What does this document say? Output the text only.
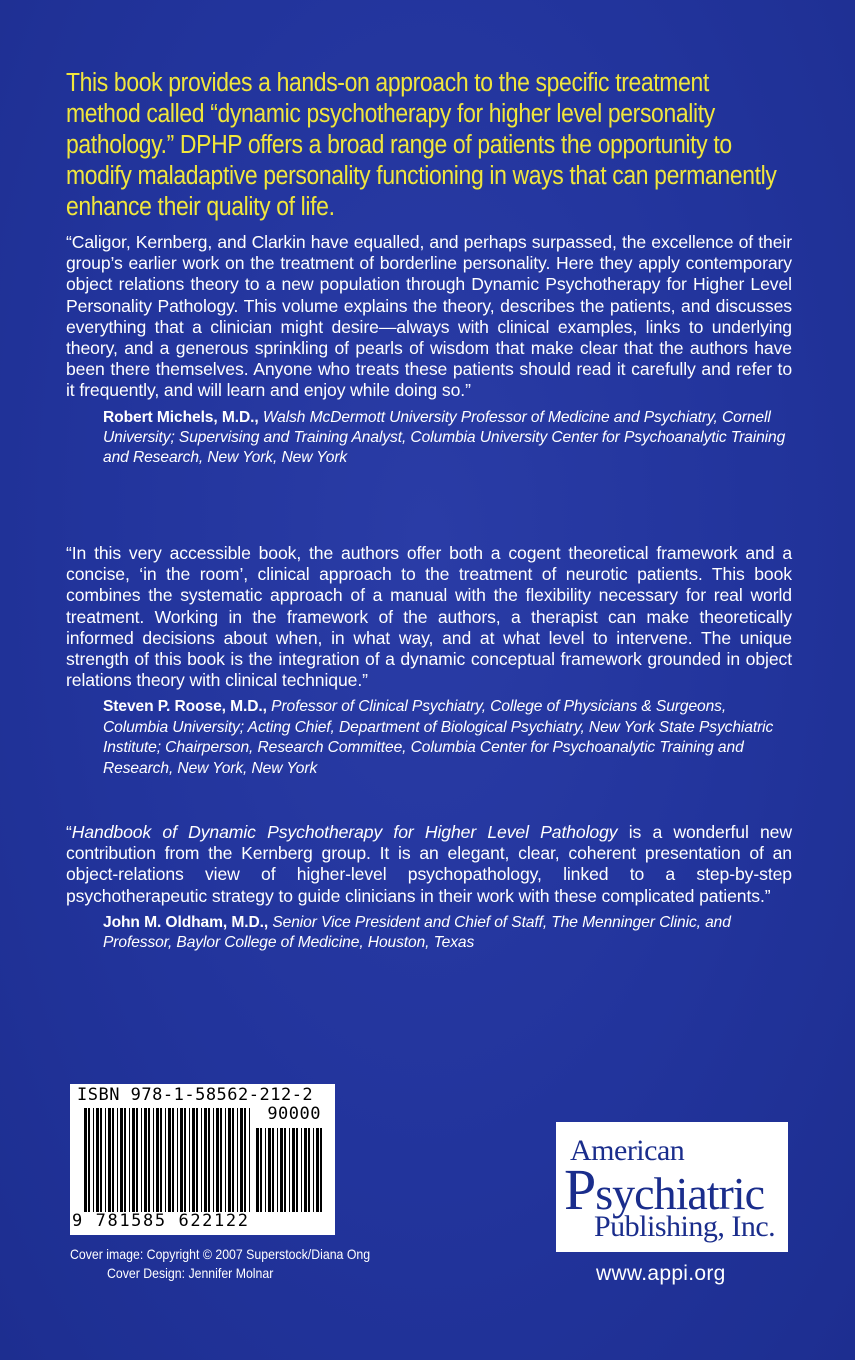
This book provides a hands-on approach to the specific treatment method called “dynamic psychotherapy for higher level personality pathology.” DPHP offers a broad range of patients the opportunity to modify maladaptive personality functioning in ways that can permanently enhance their quality of life.

“Caligor, Kernberg, and Clarkin have equalled, and perhaps surpassed, the excellence of their group’s earlier work on the treatment of borderline personality. Here they apply contemporary object relations theory to a new population through Dynamic Psychotherapy for Higher Level Personality Pathology. This volume explains the theory, describes the patients, and discusses everything that a clinician might desire—always with clinical examples, links to underlying theory, and a generous sprinkling of pearls of wisdom that make clear that the authors have been there themselves. Anyone who treats these patients should read it carefully and refer to it frequently, and will learn and enjoy while doing so.”

Robert Michels, M.D., Walsh McDermott University Professor of Medicine and Psychiatry, Cornell University; Supervising and Training Analyst, Columbia University Center for Psychoanalytic Training and Research, New York, New York

“In this very accessible book, the authors offer both a cogent theoretical framework and a concise, ‘in the room’, clinical approach to the treatment of neurotic patients. This book combines the systematic approach of a manual with the flexibility necessary for real world treatment. Working in the framework of the authors, a therapist can make theoretically informed decisions about when, in what way, and at what level to intervene. The unique strength of this book is the integration of a dynamic conceptual framework grounded in object relations theory with clinical technique.”

Steven P. Roose, M.D., Professor of Clinical Psychiatry, College of Physicians & Surgeons, Columbia University; Acting Chief, Department of Biological Psychiatry, New York State Psychiatric Institute; Chairperson, Research Committee, Columbia Center for Psychoanalytic Training and Research, New York, New York

“Handbook of Dynamic Psychotherapy for Higher Level Pathology is a wonderful new contribution from the Kernberg group. It is an elegant, clear, coherent presentation of an object-relations view of higher-level psychopathology, linked to a step-by-step psychotherapeutic strategy to guide clinicians in their work with these complicated patients.”

John M. Oldham, M.D., Senior Vice President and Chief of Staff, The Menninger Clinic, and Professor, Baylor College of Medicine, Houston, Texas
ISBN 978-1-58562-212-2
90000
9 781585 622122
Cover image: Copyright © 2007 Superstock/Diana Ong
Cover Design: Jennifer Molnar
American
Psychiatric
Publishing, Inc.
www.appi.org
